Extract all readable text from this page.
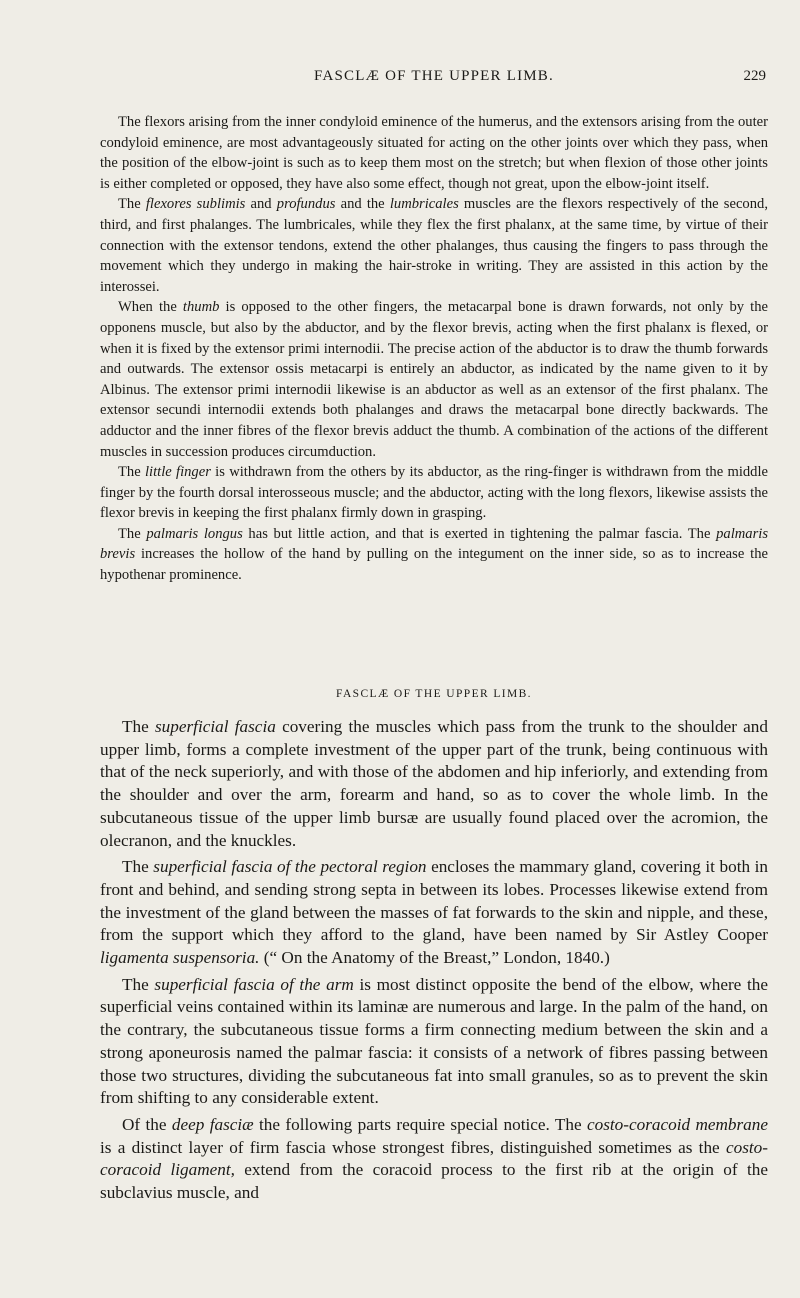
FASCLÆ OF THE UPPER LIMB.	229

The flexors arising from the inner condyloid eminence of the humerus, and the extensors arising from the outer condyloid eminence, are most advantageously situated for acting on the other joints over which they pass, when the position of the elbow-joint is such as to keep them most on the stretch; but when flexion of those other joints is either completed or opposed, they have also some effect, though not great, upon the elbow-joint itself.

The flexores sublimis and profundus and the lumbricales muscles are the flexors respectively of the second, third, and first phalanges. The lumbricales, while they flex the first phalanx, at the same time, by virtue of their connection with the extensor tendons, extend the other phalanges, thus causing the fingers to pass through the movement which they undergo in making the hair-stroke in writing. They are assisted in this action by the interossei.

When the thumb is opposed to the other fingers, the metacarpal bone is drawn forwards, not only by the opponens muscle, but also by the abductor, and by the flexor brevis, acting when the first phalanx is flexed, or when it is fixed by the extensor primi internodii. The precise action of the abductor is to draw the thumb forwards and outwards. The extensor ossis metacarpi is entirely an abductor, as indicated by the name given to it by Albinus. The extensor primi internodii likewise is an abductor as well as an extensor of the first phalanx. The extensor secundi internodii extends both phalanges and draws the metacarpal bone directly backwards. The adductor and the inner fibres of the flexor brevis adduct the thumb. A combination of the actions of the different muscles in succession produces circumduction.

The little finger is withdrawn from the others by its abductor, as the ring-finger is withdrawn from the middle finger by the fourth dorsal interosseous muscle; and the abductor, acting with the long flexors, likewise assists the flexor brevis in keeping the first phalanx firmly down in grasping.

The palmaris longus has but little action, and that is exerted in tightening the palmar fascia. The palmaris brevis increases the hollow of the hand by pulling on the integument on the inner side, so as to increase the hypothenar prominence.

FASCLÆ OF THE UPPER LIMB.

The superficial fascia covering the muscles which pass from the trunk to the shoulder and upper limb, forms a complete investment of the upper part of the trunk, being continuous with that of the neck superiorly, and with those of the abdomen and hip inferiorly, and extending from the shoulder and over the arm, forearm and hand, so as to cover the whole limb. In the subcutaneous tissue of the upper limb bursæ are usually found placed over the acromion, the olecranon, and the knuckles.

The superficial fascia of the pectoral region encloses the mammary gland, covering it both in front and behind, and sending strong septa in between its lobes. Processes likewise extend from the investment of the gland between the masses of fat forwards to the skin and nipple, and these, from the support which they afford to the gland, have been named by Sir Astley Cooper ligamenta suspensoria. (“ On the Anatomy of the Breast,” London, 1840.)

The superficial fascia of the arm is most distinct opposite the bend of the elbow, where the superficial veins contained within its laminæ are numerous and large. In the palm of the hand, on the contrary, the subcutaneous tissue forms a firm connecting medium between the skin and a strong aponeurosis named the palmar fascia: it consists of a network of fibres passing between those two structures, dividing the subcutaneous fat into small granules, so as to prevent the skin from shifting to any considerable extent.

Of the deep fasciæ the following parts require special notice. The costo-coracoid membrane is a distinct layer of firm fascia whose strongest fibres, distinguished sometimes as the costo-coracoid ligament, extend from the coracoid process to the first rib at the origin of the subclavius muscle, and
